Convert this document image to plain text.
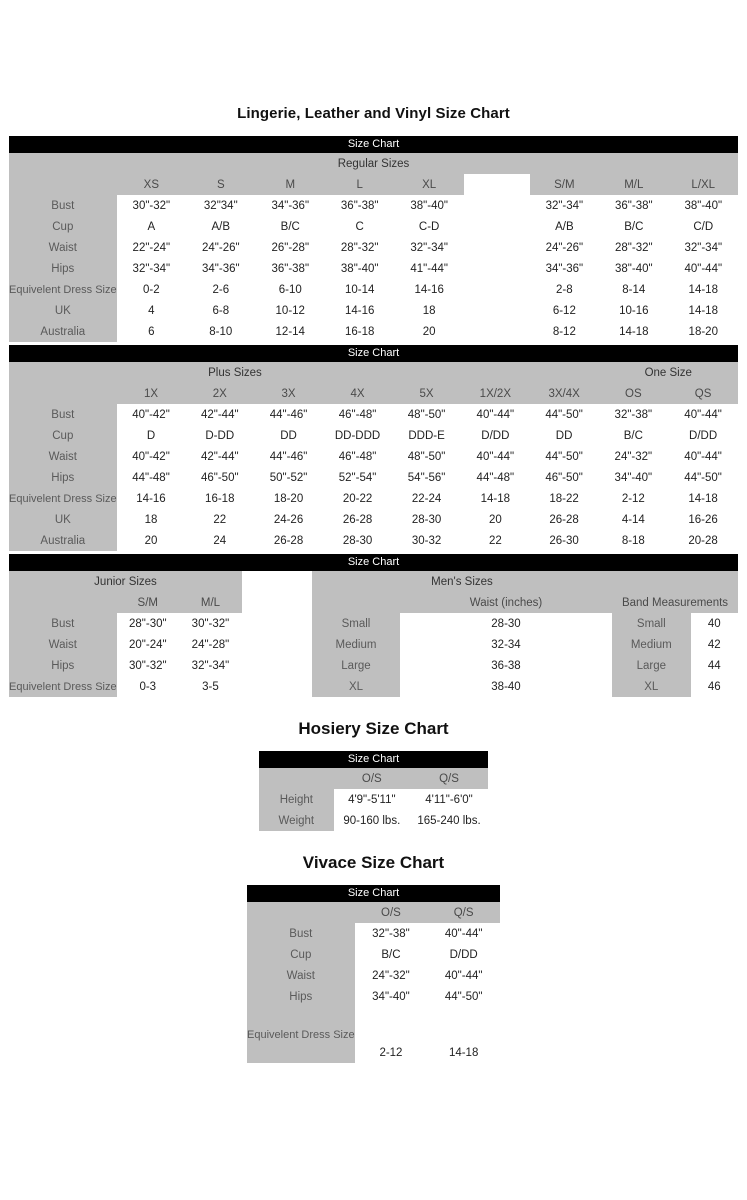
Lingerie, Leather and Vinyl Size Chart
Size Chart
Regular Sizes									
	XS	S	M	L	XL		S/M	M/L	L/XL
Bust	30"-32"	32"34"	34"-36"	36"-38"	38"-40"		32"-34"	36"-38"	38"-40"
Cup	A	A/B	B/C	C	C-D		A/B	B/C	C/D
Waist	22"-24"	24"-26"	26"-28"	28"-32"	32"-34"		24"-26"	28"-32"	32"-34"
Hips	32"-34"	34"-36"	36"-38"	38"-40"	41"-44"		34"-36"	38"-40"	40"-44"
Equivelent Dress Size	0-2	2-6	6-10	10-14	14-16		2-8	8-14	14-18
UK	4	6-8	10-12	14-16	18		6-12	10-16	14-18
Australia	6	8-10	12-14	16-18	20		8-12	14-18	18-20
Size Chart
Plus Sizes								One Size	
	1X	2X	3X	4X	5X	1X/2X	3X/4X	OS	QS
Bust	40"-42"	42"-44"	44"-46"	46"-48"	48"-50"	40"-44"	44"-50"	32"-38"	40"-44"
Cup	D	D-DD	DD	DD-DDD	DDD-E	D/DD	DD	B/C	D/DD
Waist	40"-42"	42"-44"	44"-46"	46"-48"	48"-50"	40"-44"	44"-50"	24"-32"	40"-44"
Hips	44"-48"	46"-50"	50"-52"	52"-54"	54"-56"	44"-48"	46"-50"	34"-40"	44"-50"
Equivelent Dress Size	14-16	16-18	18-20	20-22	22-24	14-18	18-22	2-12	14-18
UK	18	22	24-26	26-28	28-30	20	26-28	4-14	16-26
Australia	20	24	26-28	28-30	30-32	22	26-30	8-18	20-28
Size Chart
Junior Sizes		
	S/M	M/L
Bust	28"-30"	30"-32"
Waist	20"-24"	24"-28"
Hips	30"-32"	32"-34"
Equivelent Dress Size	0-3	3-5
Men's Sizes	
	Waist (inches)
Small	28-30
Medium	32-34
Large	36-38
XL	38-40

Band Measurements	
Small	40
Medium	42
Large	44
XL	46
Hosiery Size Chart
Size Chart
	O/S	Q/S
Height	4'9"-5'11"	4'11"-6'0"
Weight	90-160 lbs.	165-240 lbs.
Vivace Size Chart
Size Chart
	O/S	Q/S
Bust	32"-38"	40"-44"
Cup	B/C	D/DD
Waist	24"-32"	40"-44"
Hips	34"-40"	44"-50"
Equivelent Dress Size	2-12	14-18
